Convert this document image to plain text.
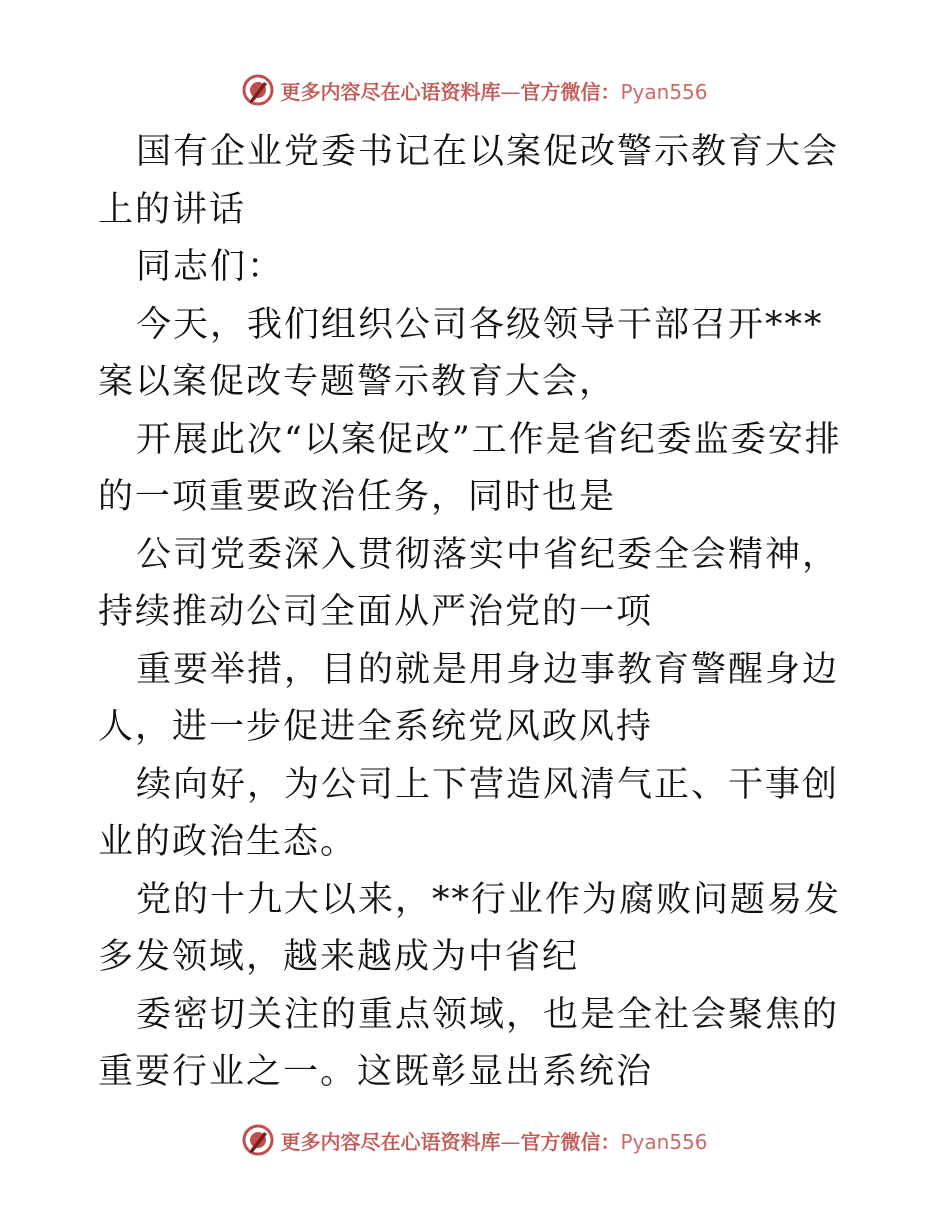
更多内容尽在心语资料库—官方微信：Pyan556

国有企业党委书记在以案促改警示教育大会上的讲话

同志们：

今天，我们组织公司各级领导干部召开***案以案促改专题警示教育大会，

开展此次“以案促改”工作是省纪委监委安排的一项重要政治任务，同时也是

公司党委深入贯彻落实中省纪委全会精神，持续推动公司全面从严治党的一项

重要举措，目的就是用身边事教育警醒身边人，进一步促进全系统党风政风持

续向好，为公司上下营造风清气正、干事创业的政治生态。

党的十九大以来，**行业作为腐败问题易发多发领域，越来越成为中省纪

委密切关注的重点领域，也是全社会聚焦的重要行业之一。这既彰显出系统治

更多内容尽在心语资料库—官方微信：Pyan556
